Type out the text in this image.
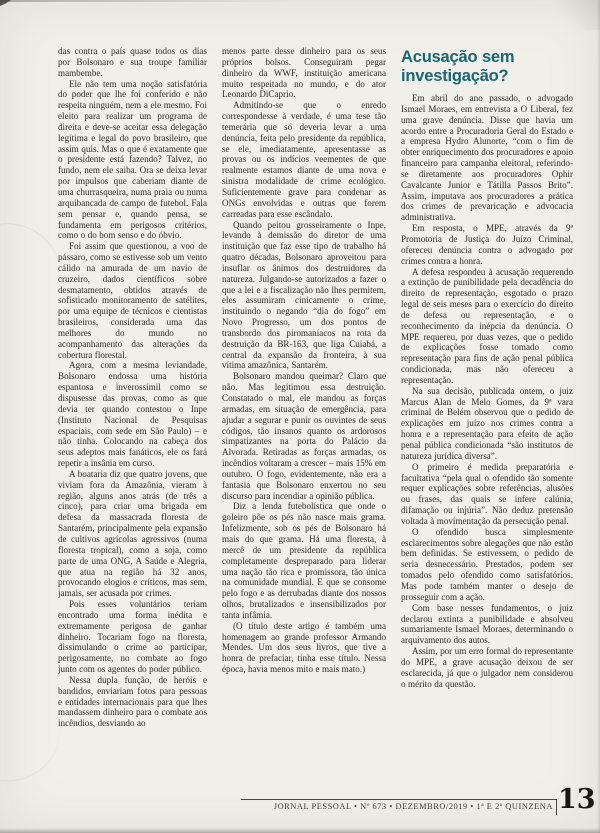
das contra o país quase todos os dias por Bolsonaro e sua troupe familiar mambembe.

Ele não tem uma noção satisfatória do poder que lhe foi conferido e não respeita ninguém, nem a ele mesmo. Foi eleito para realizar um programa de direita e deve-se aceitar essa delegação legítima e legal do povo brasileiro, que assim quis. Mas o que é exatamente que o presidente está fazendo? Talvez, no fundo, nem ele saiba. Ora se deixa levar por impulsos que caberiam diante de uma churrasqueira, numa praia ou numa arquibancada de campo de futebol. Fala sem pensar e, quando pensa, se fundamenta em perigosos critérios, como o do bom senso e do óbvio.

Foi assim que questionou, a voo de pássaro, como se estivesse sob um vento cálido na amurada de um navio de cruzeiro, dados científicos sobre desmatamento, obtidos através de sofisticado monitoramento de satélites, por uma equipe de técnicos e cientistas brasileiros, considerada uma das melhores do mundo no acompanhamento das alterações da cobertura florestal.

Agora, com a mesma leviandade, Bolsonaro endossa uma história espantosa e inverossímil como se dispusesse das provas, como as que devia ter quando contestou o Inpe (Instituto Nacional de Pesquisas espaciais, com sede em São Paulo) – e não tinha. Colocando na cabeça dos seus adeptos mais fanáticos, ele os fará repetir a insânia em curso.

A boataria diz que quatro jovens, que viviam fora da Amazônia, vieram à região, alguns anos atrás (de três a cinco), para criar uma brigada em defesa da massacrada floresta de Santarém, principalmente pela expansão de cultivos agrícolas agressivos (numa floresta tropical), como a soja, como parte de uma ONG, A Saúde e Alegria, que atua na região há 32 anos, provocando elogios e críticos, mas sem, jamais, ser acusada por crimes.

Pois esses voluntários teriam encontrado uma forma inédita e extremamente perigosa de ganhar dinheiro. Tocariam fogo na floresta, dissimulando o crime ao participar, perigosamente, no combate ao fogo junto com os agentes do poder público.

Nessa dupla função, de heróis e bandidos, enviariam fotos para pessoas e entidades internacionais para que lhes mandassem dinheiro para o combate aos incêndios, desviando ao

menos parte desse dinheiro para os seus próprios bolsos. Conseguiram pegar dinheiro da WWF, instituição americana muito respeitada no mundo, e do ator Leonardo DiCaprio.

Admitindo-se que o enredo correspondesse à verdade, é uma tese tão temerária que só deveria levar a uma denúncia, feita pelo presidente da república, se ele, imediatamente, apresentasse as provas ou os indícios veementes de que realmente estamos diante de uma nova e sinistra modalidade de crime ecológico. Suficientemente grave para condenar as ONGs envolvidas e outras que forem carreadas para esse escândalo.

Quando peitou grosseiramente o Inpe, levando à demissão do diretor de uma instituição que faz esse tipo de trabalho há quatro décadas, Bolsonaro aproveitou para insuflar os ânimos dos destruidores da natureza. Julgando-se autorizados a fazer o que a lei e a fiscalização não lhes permitem, eles assumiram cinicamente o crime, instituindo o negando “dia do fogo” em Novo Progresso, um dos pontos de transbordo dos piromaníacos na rota da destruição da BR-163, que liga Cuiabá, a central da expansão da fronteira, à sua vítima amazônica, Santarém.

Bolsonaro mandou queimar? Claro que não. Mas legitimou essa destruição. Constatado o mal, ele mandou as forças armadas, em situação de emergência, para ajudar a segurar e punir os ouvintes de seus códigos, tão insanos quanto os ardorosos simpatizantes na porta do Palácio da Alvorada. Retiradas as forças armadas, os incêndios voltaram a crescer – mais 15% em outubro. O fogo, evidentemente, não era a fantasia que Bolsonaro enxertou no seu discurso para incendiar a opinião pública.

Diz a lenda futebolística que onde o goleiro põe os pés não nasce mais grama. Infelizmente, sob os pés de Bolsonaro há mais do que grama. Há uma floresta, à mercê de um presidente da república completamente despreparado para liderar uma nação tão rica e promissora, tão única na comunidade mundial. E que se consome pelo fogo e as derrubadas diante dos nossos olhos, brutalizados e insensibilizados por tanta infâmia.

(O título deste artigo é também uma homenagem ao grande professor Armando Mendes. Um dos seus livros, que tive a honra de prefaciar, tinha esse título. Nessa época, havia menos mito e mais mato.)

Acusação sem investigação?

Em abril do ano passado, o advogado Ismael Moraes, em entrevista a O Liberal, fez uma grave denúncia. Disse que havia um acordo entre a Procuradoria Geral do Estado e a empresa Hydro Alunorte, “com o fim de obter enriquecimento dos procuradores e apoio financeiro para campanha eleitoral, referindo-se diretamente aos procuradores Ophir Cavalcante Junior e Tátilla Passos Brito”. Assim, imputava aos procuradores a prática dos crimes de prevaricação e advocacia administrativa.

Em resposta, o MPE, através da 9ª Promotoria de Justiça do Juízo Criminal, ofereceu denúncia contra o advogado por crimes contra a honra.

A defesa respondeu à acusação requerendo a extinção de punibilidade pela decadência do direito de representação, esgotado o prazo legal de seis meses para o exercício do direito de defesa ou representação, e o reconhecimento da inépcia da denúncia. O MPE requereu, por duas vezes, que o pedido de explicações fosse tomado como representação para fins de ação penal pública condicionada, mas não ofereceu a representação.

Na sua decisão, publicada ontem, o juiz Marcus Alan de Melo Gomes, da 9ª vara criminal de Belém observou que o pedido de explicações em juízo nos crimes contra a honra e a representação para efeito de ação penal pública condicionada “são institutos de natureza jurídica diversa”.

O primeiro é medida preparatória e facultativa “pela qual o ofendido tão somente requer explicações sobre referências, alusões ou frases, das quais se infere calúnia, difamação ou injúria”. Não deduz pretensão voltada à movimentação da persecução penal.

O ofendido busca simplesmente esclarecimentos sobre alegações que não estão bem definidas. Se estivessem, o pedido de seria desnecessário. Prestados, podem ser tomados pelo ofendido como satisfatórios. Mas pode também manter o desejo de prosseguir com a ação.

Com base nesses fundamentos, o juiz declarou extinta a punibilidade e absolveu sumariamente Ismael Moraes, determinando o arquivamento dos autos.

Assim, por um erro formal do representante do MPE, a grave acusação deixou de ser esclarecida, já que o julgador nem considerou o mérito da questão.

JORNAL PESSOAL • Nº 673 • DEZEMBRO/2019 • 1ª E 2ª QUINZENA 13
